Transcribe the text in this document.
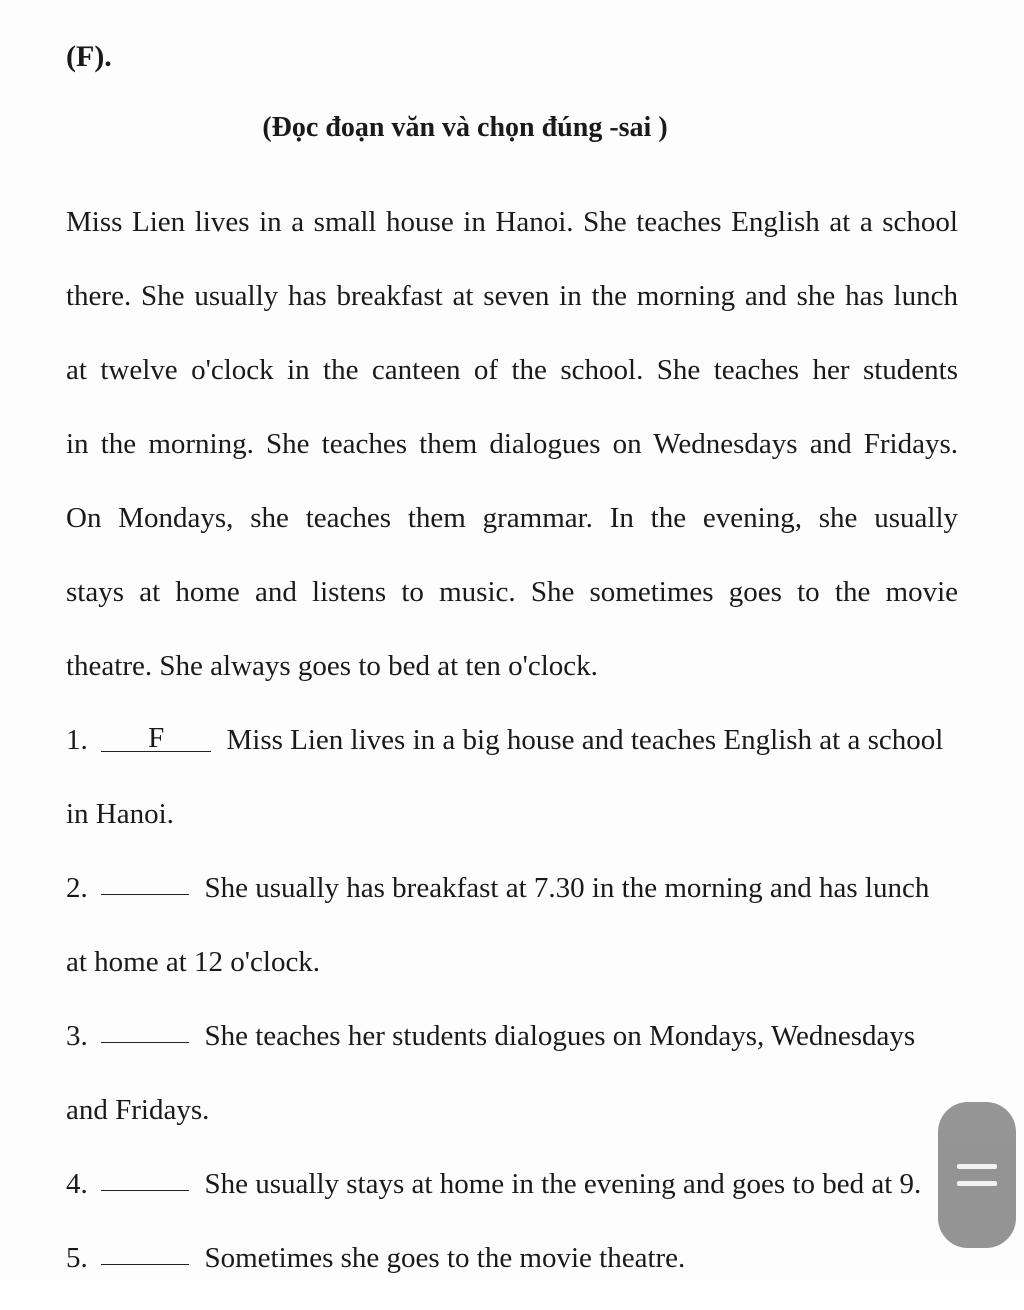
(F).
(Đọc đoạn văn và chọn đúng -sai )
Miss Lien lives in a small house in Hanoi. She teaches English at a school
there. She usually has breakfast at seven in the morning and she has lunch
at twelve o'clock in the canteen of the school. She teaches her students
in the morning. She teaches them dialogues on Wednesdays and Fridays.
On Mondays, she teaches them grammar. In the evening, she usually
stays at home and listens to music. She sometimes goes to the movie
theatre. She always goes to bed at ten o'clock.
1. F Miss Lien lives in a big house and teaches English at a school
in Hanoi.
2.	She usually has breakfast at 7.30 in the morning and has lunch
at home at 12 o'clock.
3.	She teaches her students dialogues on Mondays, Wednesdays
and Fridays.
4.	She usually stays at home in the evening and goes to bed at 9.
5.	Sometimes she goes to the movie theatre.
